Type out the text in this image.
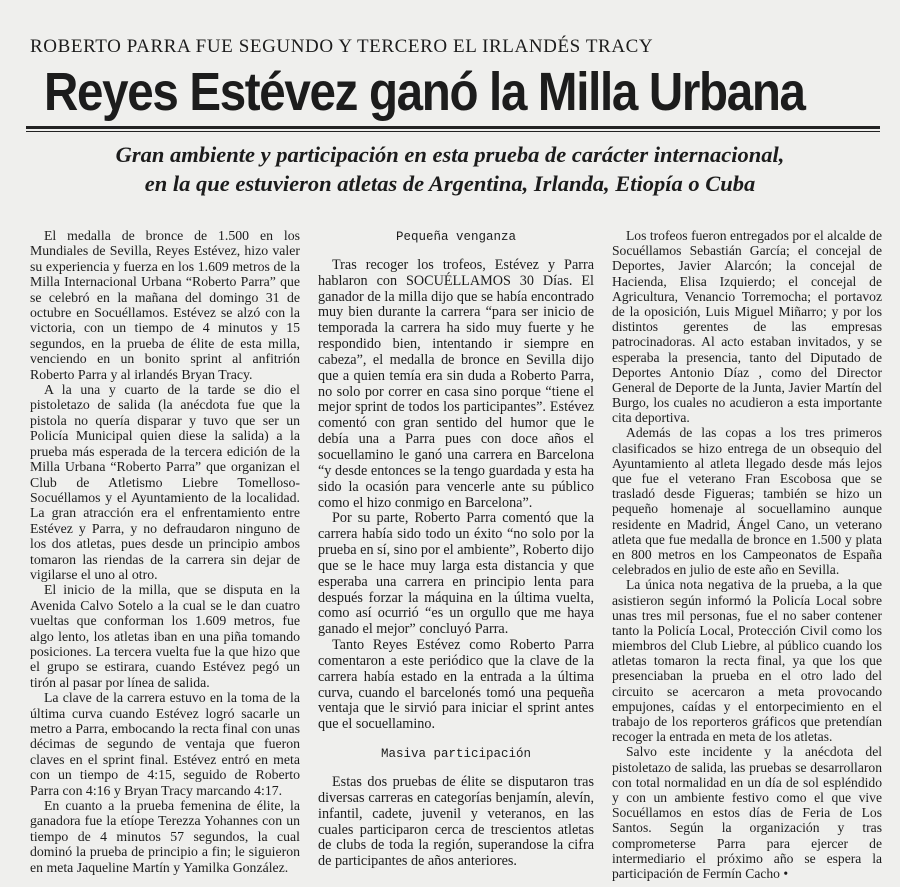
ROBERTO PARRA FUE SEGUNDO Y TERCERO EL IRLANDÉS TRACY
Reyes Estévez ganó la Milla Urbana
Gran ambiente y participación en esta prueba de carácter internacional,
en la que estuvieron atletas de Argentina, Irlanda, Etiopía o Cuba

El medalla de bronce de 1.500 en los Mundiales de Sevilla, Reyes Estévez, hizo valer su experiencia y fuerza en los 1.609 metros de la Milla Internacional Urbana “Roberto Parra” que se celebró en la mañana del domingo 31 de octubre en Socuéllamos. Estévez se alzó con la victoria, con un tiempo de 4 minutos y 15 segundos, en la prueba de élite de esta milla, venciendo en un bonito sprint al anfitrión Roberto Parra y al irlandés Bryan Tracy.

A la una y cuarto de la tarde se dio el pistoletazo de salida (la anécdota fue que la pistola no quería disparar y tuvo que ser un Policía Municipal quien diese la salida) a la prueba más esperada de la tercera edición de la Milla Urbana “Roberto Parra” que organizan el Club de Atletismo Liebre Tomelloso-Socuéllamos y el Ayuntamiento de la localidad. La gran atracción era el enfrentamiento entre Estévez y Parra, y no defraudaron ninguno de los dos atletas, pues desde un principio ambos tomaron las riendas de la carrera sin dejar de vigilarse el uno al otro.

El inicio de la milla, que se disputa en la Avenida Calvo Sotelo a la cual se le dan cuatro vueltas que conforman los 1.609 metros, fue algo lento, los atletas iban en una piña tomando posiciones. La tercera vuelta fue la que hizo que el grupo se estirara, cuando Estévez pegó un tirón al pasar por línea de salida.

La clave de la carrera estuvo en la toma de la última curva cuando Estévez logró sacarle un metro a Parra, embocando la recta final con unas décimas de segundo de ventaja que fueron claves en el sprint final. Estévez entró en meta con un tiempo de 4:15, seguido de Roberto Parra con 4:16 y Bryan Tracy marcando 4:17.

En cuanto a la prueba femenina de élite, la ganadora fue la etíope Terezza Yohannes con un tiempo de 4 minutos 57 segundos, la cual dominó la prueba de principio a fin; le siguieron en meta Jaqueline Martín y Yamilka González.

Pequeña venganza

Tras recoger los trofeos, Estévez y Parra hablaron con SOCUÉLLAMOS 30 Días. El ganador de la milla dijo que se había encontrado muy bien durante la carrera “para ser inicio de temporada la carrera ha sido muy fuerte y he respondido bien, intentando ir siempre en cabeza”, el medalla de bronce en Sevilla dijo que a quien temía era sin duda a Roberto Parra, no solo por correr en casa sino porque “tiene el mejor sprint de todos los participantes”. Estévez comentó con gran sentido del humor que le debía una a Parra pues con doce años el socuellamino le ganó una carrera en Barcelona “y desde entonces se la tengo guardada y esta ha sido la ocasión para vencerle ante su público como el hizo conmigo en Barcelona”.

Por su parte, Roberto Parra comentó que la carrera había sido todo un éxito “no solo por la prueba en sí, sino por el ambiente”, Roberto dijo que se le hace muy larga esta distancia y que esperaba una carrera en principio lenta para después forzar la máquina en la última vuelta, como así ocurrió “es un orgullo que me haya ganado el mejor” concluyó Parra.

Tanto Reyes Estévez como Roberto Parra comentaron a este periódico que la clave de la carrera había estado en la entrada a la última curva, cuando el barcelonés tomó una pequeña ventaja que le sirvió para iniciar el sprint antes que el socuellamino.

Masiva participación

Estas dos pruebas de élite se disputaron tras diversas carreras en categorías benjamín, alevín, infantil, cadete, juvenil y veteranos, en las cuales participaron cerca de trescientos atletas de clubs de toda la región, superandose la cifra de participantes de años anteriores.

Los trofeos fueron entregados por el alcalde de Socuéllamos Sebastián García; el concejal de Deportes, Javier Alarcón; la concejal de Hacienda, Elisa Izquierdo; el concejal de Agricultura, Venancio Torremocha; el portavoz de la oposición, Luis Miguel Miñarro; y por los distintos gerentes de las empresas patrocinadoras. Al acto estaban invitados, y se esperaba la presencia, tanto del Diputado de Deportes Antonio Díaz , como del Director General de Deporte de la Junta, Javier Martín del Burgo, los cuales no acudieron a esta importante cita deportiva.

Además de las copas a los tres primeros clasificados se hizo entrega de un obsequio del Ayuntamiento al atleta llegado desde más lejos que fue el veterano Fran Escobosa que se trasladó desde Figueras; también se hizo un pequeño homenaje al socuellamino aunque residente en Madrid, Ángel Cano, un veterano atleta que fue medalla de bronce en 1.500 y plata en 800 metros en los Campeonatos de España celebrados en julio de este año en Sevilla.

La única nota negativa de la prueba, a la que asistieron según informó la Policía Local sobre unas tres mil personas, fue el no saber contener tanto la Policía Local, Protección Civil como los miembros del Club Liebre, al público cuando los atletas tomaron la recta final, ya que los que presenciaban la prueba en el otro lado del circuito se acercaron a meta provocando empujones, caídas y el entorpecimiento en el trabajo de los reporteros gráficos que pretendían recoger la entrada en meta de los atletas.

Salvo este incidente y la anécdota del pistoletazo de salida, las pruebas se desarrollaron con total normalidad en un día de sol espléndido y con un ambiente festivo como el que vive Socuéllamos en estos días de Feria de Los Santos. Según la organización y tras comprometerse Parra para ejercer de intermediario el próximo año se espera la participación de Fermín Cacho •
